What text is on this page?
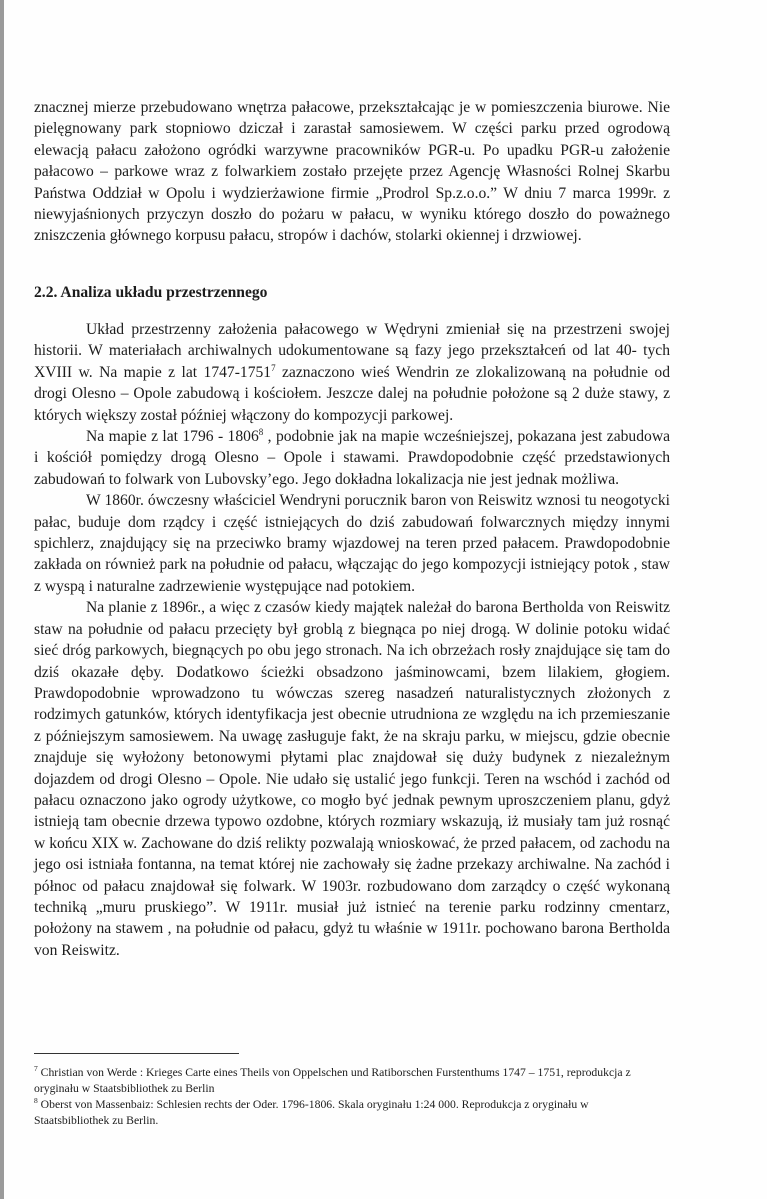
znacznej mierze przebudowano wnętrza pałacowe, przekształcając je w pomieszczenia biurowe. Nie pielęgnowany park stopniowo dziczał i zarastał samosiewem. W części parku przed ogrodową elewacją pałacu założono ogródki warzywne pracowników PGR-u. Po upadku PGR-u założenie pałacowo – parkowe wraz z folwarkiem zostało przejęte przez Agencję Własności Rolnej Skarbu Państwa Oddział w Opolu i wydzierżawione firmie „Prodrol Sp.z.o.o.” W dniu 7 marca 1999r. z niewyjaśnionych przyczyn doszło do pożaru w pałacu, w wyniku którego doszło do poważnego zniszczenia głównego korpusu pałacu, stropów i dachów, stolarki okiennej i drzwiowej.

2.2. Analiza układu przestrzennego

Układ przestrzenny założenia pałacowego w Wędryni zmieniał się na przestrzeni swojej historii. W materiałach archiwalnych udokumentowane są fazy jego przekształceń od lat 40- tych XVIII w. Na mapie z lat 1747-1751$^7$ zaznaczono wieś Wendrin ze zlokalizowaną na południe od drogi Olesno – Opole zabudową i kościołem. Jeszcze dalej na południe położone są 2 duże stawy, z których większy został później włączony do kompozycji parkowej.

Na mapie z lat 1796 - 1806$^8$ , podobnie jak na mapie wcześniejszej, pokazana jest zabudowa i kościół pomiędzy drogą Olesno – Opole i stawami. Prawdopodobnie część przedstawionych zabudowań to folwark von Lubovsky’ego. Jego dokładna lokalizacja nie jest jednak możliwa.

W 1860r. ówczesny właściciel Wendryni porucznik baron von Reiswitz wznosi tu neogotycki pałac, buduje dom rządcy i część istniejących do dziś zabudowań folwarcznych między innymi spichlerz, znajdujący się na przeciwko bramy wjazdowej na teren przed pałacem. Prawdopodobnie zakłada on również park na południe od pałacu, włączając do jego kompozycji istniejący potok , staw z wyspą i naturalne zadrzewienie występujące nad potokiem.

Na planie z 1896r., a więc z czasów kiedy majątek należał do barona Bertholda von Reiswitz staw na południe od pałacu przecięty był groblą z biegnąca po niej drogą. W dolinie potoku widać sieć dróg parkowych, biegnących po obu jego stronach. Na ich obrzeżach rosły znajdujące się tam do dziś okazałe dęby. Dodatkowo ścieżki obsadzono jaśminowcami, bzem lilakiem, głogiem. Prawdopodobnie wprowadzono tu wówczas szereg nasadzeń naturalistycznych złożonych z rodzimych gatunków, których identyfikacja jest obecnie utrudniona ze względu na ich przemieszanie z późniejszym samosiewem. Na uwagę zasługuje fakt, że na skraju parku, w miejscu, gdzie obecnie znajduje się wyłożony betonowymi płytami plac znajdował się duży budynek z niezależnym dojazdem od drogi Olesno – Opole. Nie udało się ustalić jego funkcji. Teren na wschód i zachód od pałacu oznaczono jako ogrody użytkowe, co mogło być jednak pewnym uproszczeniem planu, gdyż istnieją tam obecnie drzewa typowo ozdobne, których rozmiary wskazują, iż musiały tam już rosnąć w końcu XIX w. Zachowane do dziś relikty pozwalają wnioskować, że przed pałacem, od zachodu na jego osi istniała fontanna, na temat której nie zachowały się żadne przekazy archiwalne. Na zachód i północ od pałacu znajdował się folwark. W 1903r. rozbudowano dom zarządcy o część wykonaną techniką „muru pruskiego”. W 1911r. musiał już istnieć na terenie parku rodzinny cmentarz, położony na stawem , na południe od pałacu, gdyż tu właśnie w 1911r. pochowano barona Bertholda von Reiswitz.

$^7$ Christian von Werde : Krieges Carte eines Theils von Oppelschen und Ratiborschen Furstenthums 1747 – 1751, reprodukcja z oryginału w Staatsbibliothek zu Berlin

$^8$ Oberst von Massenbaiz: Schlesien rechts der Oder. 1796-1806. Skala oryginału 1:24 000. Reprodukcja z oryginału w Staatsbibliothek zu Berlin.
